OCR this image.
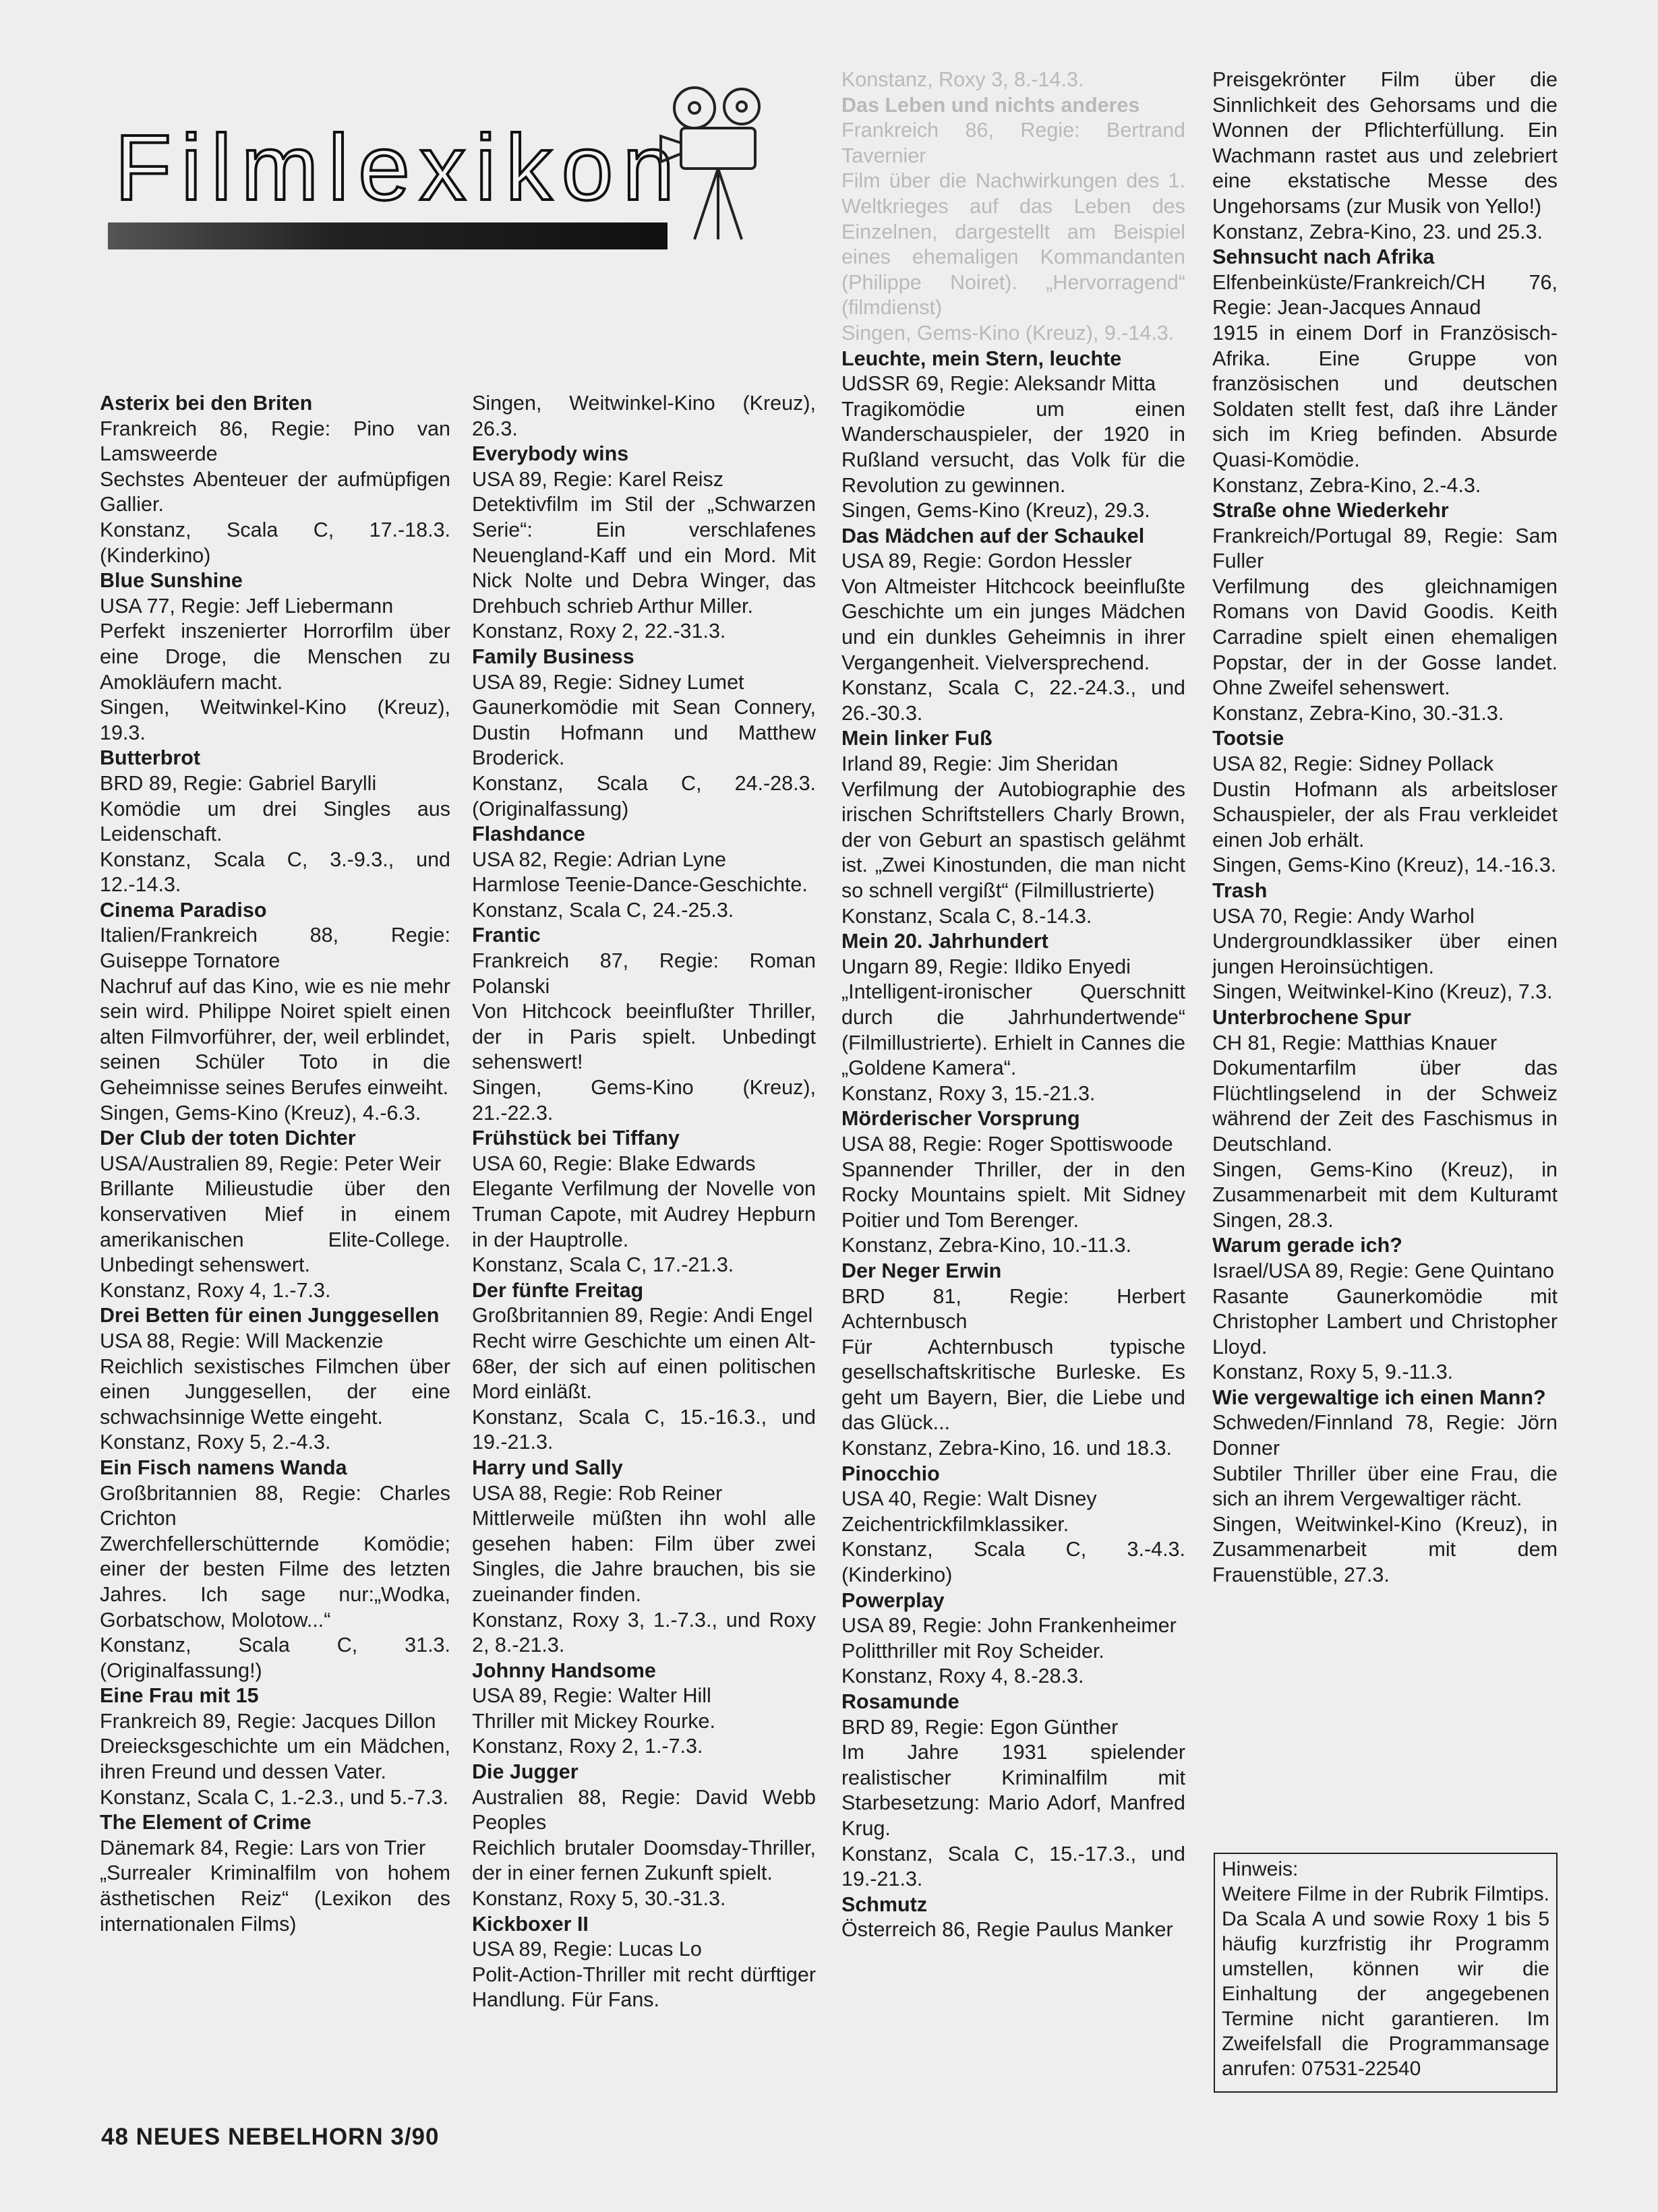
Filmlexikon
Asterix bei den Briten
Frankreich 86, Regie: Pino van Lamsweerde
Sechstes Abenteuer der aufmüpfigen Gallier.
Konstanz, Scala C, 17.-18.3. (Kinderkino)
Blue Sunshine
USA 77, Regie: Jeff Liebermann
Perfekt inszenierter Horrorfilm über eine Droge, die Menschen zu Amokläufern macht.
Singen, Weitwinkel-Kino (Kreuz), 19.3.
Butterbrot
BRD 89, Regie: Gabriel Barylli
Komödie um drei Singles aus Leidenschaft.
Konstanz, Scala C, 3.-9.3., und 12.-14.3.
Cinema Paradiso
Italien/Frankreich 88, Regie: Guiseppe Tornatore
Nachruf auf das Kino, wie es nie mehr sein wird. Philippe Noiret spielt einen alten Filmvorführer, der, weil erblindet, seinen Schüler Toto in die Geheimnisse seines Berufes einweiht.
Singen, Gems-Kino (Kreuz), 4.-6.3.
Der Club der toten Dichter
USA/Australien 89, Regie: Peter Weir
Brillante Milieustudie über den konservativen Mief in einem amerikanischen Elite-College. Unbedingt sehenswert.
Konstanz, Roxy 4, 1.-7.3.
Drei Betten für einen Junggesellen
USA 88, Regie: Will Mackenzie
Reichlich sexistisches Filmchen über einen Junggesellen, der eine schwachsinnige Wette eingeht.
Konstanz, Roxy 5, 2.-4.3.
Ein Fisch namens Wanda
Großbritannien 88, Regie: Charles Crichton
Zwerchfellerschütternde Komödie; einer der besten Filme des letzten Jahres. Ich sage nur:„Wodka, Gorbatschow, Molotow...“
Konstanz, Scala C, 31.3. (Originalfassung!)
Eine Frau mit 15
Frankreich 89, Regie: Jacques Dillon
Dreiecksgeschichte um ein Mädchen, ihren Freund und dessen Vater.
Konstanz, Scala C, 1.-2.3., und 5.-7.3.
The Element of Crime
Dänemark 84, Regie: Lars von Trier
„Surrealer Kriminalfilm von hohem ästhetischen Reiz“ (Lexikon des internationalen Films)
Singen, Weitwinkel-Kino (Kreuz), 26.3.
Everybody wins
USA 89, Regie: Karel Reisz
Detektivfilm im Stil der „Schwarzen Serie“: Ein verschlafenes Neuengland-Kaff und ein Mord. Mit Nick Nolte und Debra Winger, das Drehbuch schrieb Arthur Miller.
Konstanz, Roxy 2, 22.-31.3.
Family Business
USA 89, Regie: Sidney Lumet
Gaunerkomödie mit Sean Connery, Dustin Hofmann und Matthew Broderick.
Konstanz, Scala C, 24.-28.3. (Originalfassung)
Flashdance
USA 82, Regie: Adrian Lyne
Harmlose Teenie-Dance-Geschichte.
Konstanz, Scala C, 24.-25.3.
Frantic
Frankreich 87, Regie: Roman Polanski
Von Hitchcock beeinflußter Thriller, der in Paris spielt. Unbedingt sehenswert!
Singen, Gems-Kino (Kreuz), 21.-22.3.
Frühstück bei Tiffany
USA 60, Regie: Blake Edwards
Elegante Verfilmung der Novelle von Truman Capote, mit Audrey Hepburn in der Hauptrolle.
Konstanz, Scala C, 17.-21.3.
Der fünfte Freitag
Großbritannien 89, Regie: Andi Engel
Recht wirre Geschichte um einen Alt-68er, der sich auf einen politischen Mord einläßt.
Konstanz, Scala C, 15.-16.3., und 19.-21.3.
Harry und Sally
USA 88, Regie: Rob Reiner
Mittlerweile müßten ihn wohl alle gesehen haben: Film über zwei Singles, die Jahre brauchen, bis sie zueinander finden.
Konstanz, Roxy 3, 1.-7.3., und Roxy 2, 8.-21.3.
Johnny Handsome
USA 89, Regie: Walter Hill
Thriller mit Mickey Rourke.
Konstanz, Roxy 2, 1.-7.3.
Die Jugger
Australien 88, Regie: David Webb Peoples
Reichlich brutaler Doomsday-Thriller, der in einer fernen Zukunft spielt.
Konstanz, Roxy 5, 30.-31.3.
Kickboxer II
USA 89, Regie: Lucas Lo
Polit-Action-Thriller mit recht dürftiger Handlung. Für Fans.
Konstanz, Roxy 3, 8.-14.3.
Das Leben und nichts anderes
Frankreich 86, Regie: Bertrand Tavernier
Film über die Nachwirkungen des 1. Weltkrieges auf das Leben des Einzelnen, dargestellt am Beispiel eines ehemaligen Kommandanten (Philippe Noiret). „Hervorragend“ (filmdienst)
Singen, Gems-Kino (Kreuz), 9.-14.3.
Leuchte, mein Stern, leuchte
UdSSR 69, Regie: Aleksandr Mitta
Tragikomödie um einen Wanderschauspieler, der 1920 in Rußland versucht, das Volk für die Revolution zu gewinnen.
Singen, Gems-Kino (Kreuz), 29.3.
Das Mädchen auf der Schaukel
USA 89, Regie: Gordon Hessler
Von Altmeister Hitchcock beeinflußte Geschichte um ein junges Mädchen und ein dunkles Geheimnis in ihrer Vergangenheit. Vielversprechend.
Konstanz, Scala C, 22.-24.3., und 26.-30.3.
Mein linker Fuß
Irland 89, Regie: Jim Sheridan
Verfilmung der Autobiographie des irischen Schriftstellers Charly Brown, der von Geburt an spastisch gelähmt ist. „Zwei Kinostunden, die man nicht so schnell vergißt“ (Filmillustrierte)
Konstanz, Scala C, 8.-14.3.
Mein 20. Jahrhundert
Ungarn 89, Regie: Ildiko Enyedi
„Intelligent-ironischer Querschnitt durch die Jahrhundertwende“ (Filmillustrierte). Erhielt in Cannes die „Goldene Kamera“.
Konstanz, Roxy 3, 15.-21.3.
Mörderischer Vorsprung
USA 88, Regie: Roger Spottiswoode
Spannender Thriller, der in den Rocky Mountains spielt. Mit Sidney Poitier und Tom Berenger.
Konstanz, Zebra-Kino, 10.-11.3.
Der Neger Erwin
BRD 81, Regie: Herbert Achternbusch
Für Achternbusch typische gesellschaftskritische Burleske. Es geht um Bayern, Bier, die Liebe und das Glück...
Konstanz, Zebra-Kino, 16. und 18.3.
Pinocchio
USA 40, Regie: Walt Disney
Zeichentrickfilmklassiker.
Konstanz, Scala C, 3.-4.3. (Kinderkino)
Powerplay
USA 89, Regie: John Frankenheimer
Politthriller mit Roy Scheider.
Konstanz, Roxy 4, 8.-28.3.
Rosamunde
BRD 89, Regie: Egon Günther
Im Jahre 1931 spielender realistischer Kriminalfilm mit Starbesetzung: Mario Adorf, Manfred Krug.
Konstanz, Scala C, 15.-17.3., und 19.-21.3.
Schmutz
Österreich 86, Regie Paulus Manker
Preisgekrönter Film über die Sinnlichkeit des Gehorsams und die Wonnen der Pflichterfüllung. Ein Wachmann rastet aus und zelebriert eine ekstatische Messe des Ungehorsams (zur Musik von Yello!)
Konstanz, Zebra-Kino, 23. und 25.3.
Sehnsucht nach Afrika
Elfenbeinküste/Frankreich/CH 76, Regie: Jean-Jacques Annaud
1915 in einem Dorf in Französisch-Afrika. Eine Gruppe von französischen und deutschen Soldaten stellt fest, daß ihre Länder sich im Krieg befinden. Absurde Quasi-Komödie.
Konstanz, Zebra-Kino, 2.-4.3.
Straße ohne Wiederkehr
Frankreich/Portugal 89, Regie: Sam Fuller
Verfilmung des gleichnamigen Romans von David Goodis. Keith Carradine spielt einen ehemaligen Popstar, der in der Gosse landet. Ohne Zweifel sehenswert.
Konstanz, Zebra-Kino, 30.-31.3.
Tootsie
USA 82, Regie: Sidney Pollack
Dustin Hofmann als arbeitsloser Schauspieler, der als Frau verkleidet einen Job erhält.
Singen, Gems-Kino (Kreuz), 14.-16.3.
Trash
USA 70, Regie: Andy Warhol
Undergroundklassiker über einen jungen Heroinsüchtigen.
Singen, Weitwinkel-Kino (Kreuz), 7.3.
Unterbrochene Spur
CH 81, Regie: Matthias Knauer
Dokumentarfilm über das Flüchtlingselend in der Schweiz während der Zeit des Faschismus in Deutschland.
Singen, Gems-Kino (Kreuz), in Zusammenarbeit mit dem Kulturamt Singen, 28.3.
Warum gerade ich?
Israel/USA 89, Regie: Gene Quintano
Rasante Gaunerkomödie mit Christopher Lambert und Christopher Lloyd.
Konstanz, Roxy 5, 9.-11.3.
Wie vergewaltige ich einen Mann?
Schweden/Finnland 78, Regie: Jörn Donner
Subtiler Thriller über eine Frau, die sich an ihrem Vergewaltiger rächt.
Singen, Weitwinkel-Kino (Kreuz), in Zusammenarbeit mit dem Frauenstüble, 27.3.
Hinweis:
Weitere Filme in der Rubrik Filmtips. Da Scala A und sowie Roxy 1 bis 5 häufig kurzfristig ihr Programm umstellen, können wir die Einhaltung der angegebenen Termine nicht garantieren. Im Zweifelsfall die Programmansage anrufen: 07531-22540
48 NEUES NEBELHORN 3/90
